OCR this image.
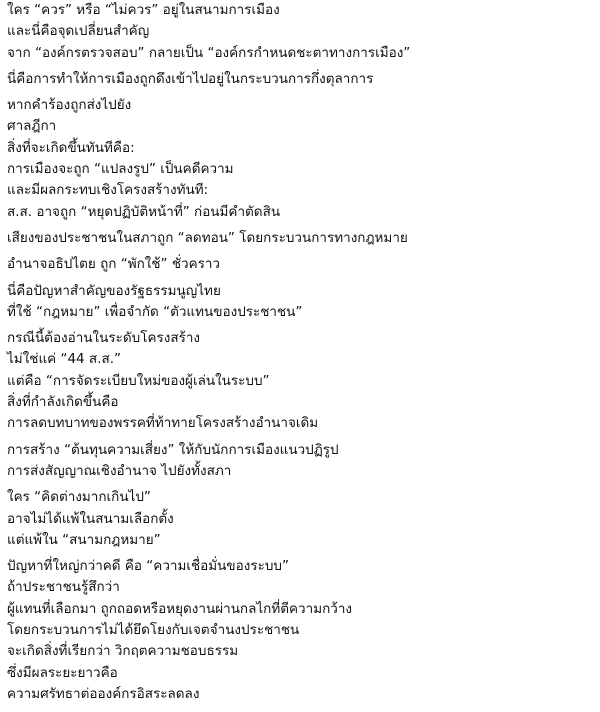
ใคร “ควร” หรือ “ไม่ควร” อยู่ในสนามการเมือง
และนี่คือจุดเปลี่ยนสำคัญ
จาก “องค์กรตรวจสอบ” กลายเป็น “องค์กรกำหนดชะตาทางการเมือง”
นี่คือการทำให้การเมืองถูกดึงเข้าไปอยู่ในกระบวนการกึ่งตุลาการ
หากคำร้องถูกส่งไปยัง
ศาลฎีกา
สิ่งที่จะเกิดขึ้นทันทีคือ:
การเมืองจะถูก “แปลงรูป” เป็นคดีความ
และมีผลกระทบเชิงโครงสร้างทันที:
ส.ส. อาจถูก “หยุดปฏิบัติหน้าที่” ก่อนมีคำตัดสิน
เสียงของประชาชนในสภาถูก “ลดทอน” โดยกระบวนการทางกฎหมาย
อำนาจอธิปไตย ถูก “พักใช้” ชั่วคราว
นี่คือปัญหาสำคัญของรัฐธรรมนูญไทย
ที่ใช้ “กฎหมาย” เพื่อจำกัด “ตัวแทนของประชาชน”
กรณีนี้ต้องอ่านในระดับโครงสร้าง
ไม่ใช่แค่ “44 ส.ส.”
แต่คือ “การจัดระเบียบใหม่ของผู้เล่นในระบบ”
สิ่งที่กำลังเกิดขึ้นคือ
การลดบทบาทของพรรคที่ท้าทายโครงสร้างอำนาจเดิม
การสร้าง “ต้นทุนความเสี่ยง” ให้กับนักการเมืองแนวปฏิรูป
การส่งสัญญาณเชิงอำนาจ ไปยังทั้งสภา
ใคร “คิดต่างมากเกินไป”
อาจไม่ได้แพ้ในสนามเลือกตั้ง
แต่แพ้ใน “สนามกฎหมาย”
ปัญหาที่ใหญ่กว่าคดี คือ “ความเชื่อมั่นของระบบ”
ถ้าประชาชนรู้สึกว่า
ผู้แทนที่เลือกมา ถูกถอดหรือหยุดงานผ่านกลไกที่ตีความกว้าง
โดยกระบวนการไม่ได้ยึดโยงกับเจตจำนงประชาชน
จะเกิดสิ่งที่เรียกว่า วิกฤตความชอบธรรม
ซึ่งมีผลระยะยาวคือ
ความศรัทธาต่อองค์กรอิสระลดลง
